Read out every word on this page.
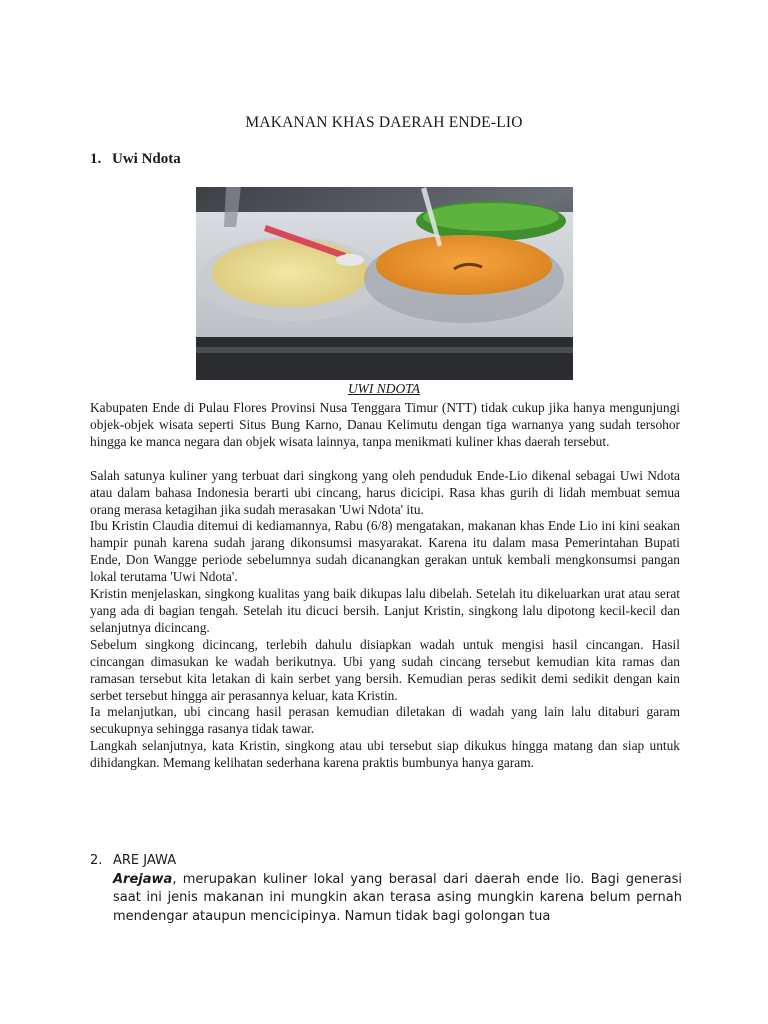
MAKANAN KHAS DAERAH ENDE-LIO
1. Uwi Ndota
UWI NDOTA

Kabupaten Ende di Pulau Flores Provinsi Nusa Tenggara Timur (NTT) tidak cukup jika hanya mengunjungi objek-objek wisata seperti Situs Bung Karno, Danau Kelimutu dengan tiga warnanya yang sudah tersohor hingga ke manca negara dan objek wisata lainnya, tanpa menikmati kuliner khas daerah tersebut.

Salah satunya kuliner yang terbuat dari singkong yang oleh penduduk Ende-Lio dikenal sebagai Uwi Ndota atau dalam bahasa Indonesia berarti ubi cincang, harus dicicipi. Rasa khas gurih di lidah membuat semua orang merasa ketagihan jika sudah merasakan 'Uwi Ndota' itu.

Ibu Kristin Claudia ditemui di kediamannya, Rabu (6/8) mengatakan, makanan khas Ende Lio ini kini seakan hampir punah karena sudah jarang dikonsumsi masyarakat. Karena itu dalam masa Pemerintahan Bupati Ende, Don Wangge periode sebelumnya sudah dicanangkan gerakan untuk kembali mengkonsumsi pangan lokal terutama 'Uwi Ndota'.

Kristin menjelaskan, singkong kualitas yang baik dikupas lalu dibelah. Setelah itu dikeluarkan urat atau serat yang ada di bagian tengah. Setelah itu dicuci bersih. Lanjut Kristin, singkong lalu dipotong kecil-kecil dan selanjutnya dicincang.

Sebelum singkong dicincang, terlebih dahulu disiapkan wadah untuk mengisi hasil cincangan. Hasil cincangan dimasukan ke wadah berikutnya. Ubi yang sudah cincang tersebut kemudian kita ramas dan ramasan tersebut kita letakan di kain serbet yang bersih. Kemudian peras sedikit demi sedikit dengan kain serbet tersebut hingga air perasannya keluar, kata Kristin.

Ia melanjutkan, ubi cincang hasil perasan kemudian diletakan di wadah yang lain lalu ditaburi garam secukupnya sehingga rasanya tidak tawar.

Langkah selanjutnya, kata Kristin, singkong atau ubi tersebut siap dikukus hingga matang dan siap untuk dihidangkan. Memang kelihatan sederhana karena praktis bumbunya hanya garam.

2. ARE JAWA
Arejawa, merupakan kuliner lokal yang berasal dari daerah ende lio. Bagi generasi saat ini jenis makanan ini mungkin akan terasa asing mungkin karena belum pernah mendengar ataupun mencicipinya. Namun tidak bagi golongan tua
